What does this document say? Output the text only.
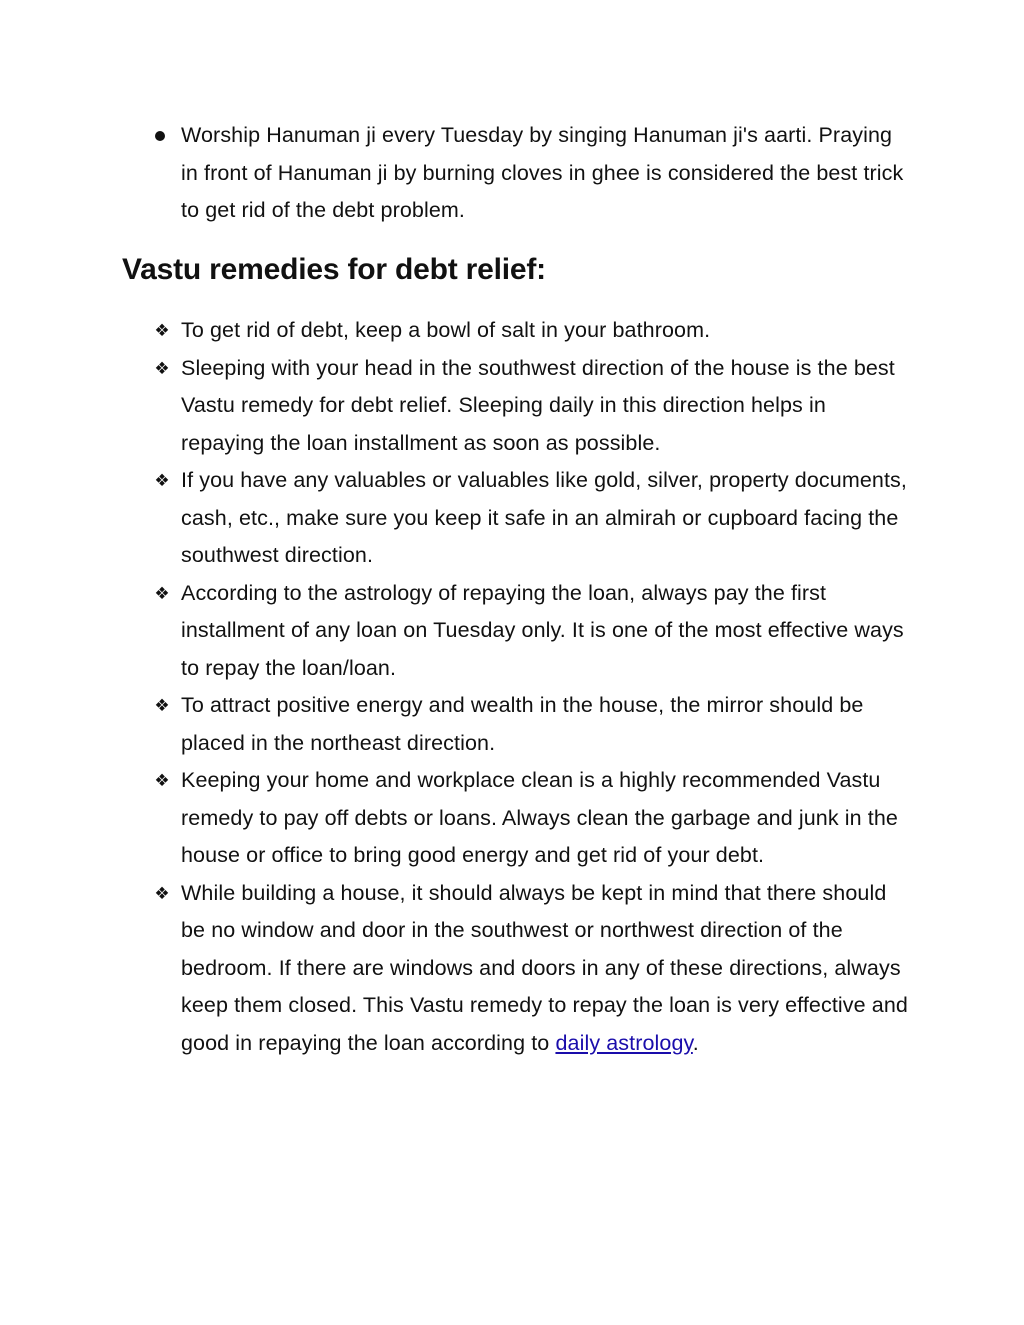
Worship Hanuman ji every Tuesday by singing Hanuman ji's aarti. Praying in front of Hanuman ji by burning cloves in ghee is considered the best trick to get rid of the debt problem.
Vastu remedies for debt relief:
❖ To get rid of debt, keep a bowl of salt in your bathroom.
❖ Sleeping with your head in the southwest direction of the house is the best Vastu remedy for debt relief. Sleeping daily in this direction helps in repaying the loan installment as soon as possible.
❖ If you have any valuables or valuables like gold, silver, property documents, cash, etc., make sure you keep it safe in an almirah or cupboard facing the southwest direction.
❖ According to the astrology of repaying the loan, always pay the first installment of any loan on Tuesday only. It is one of the most effective ways to repay the loan/loan.
❖ To attract positive energy and wealth in the house, the mirror should be placed in the northeast direction.
❖ Keeping your home and workplace clean is a highly recommended Vastu remedy to pay off debts or loans. Always clean the garbage and junk in the house or office to bring good energy and get rid of your debt.
❖ While building a house, it should always be kept in mind that there should be no window and door in the southwest or northwest direction of the bedroom. If there are windows and doors in any of these directions, always keep them closed. This Vastu remedy to repay the loan is very effective and good in repaying the loan according to daily astrology.
